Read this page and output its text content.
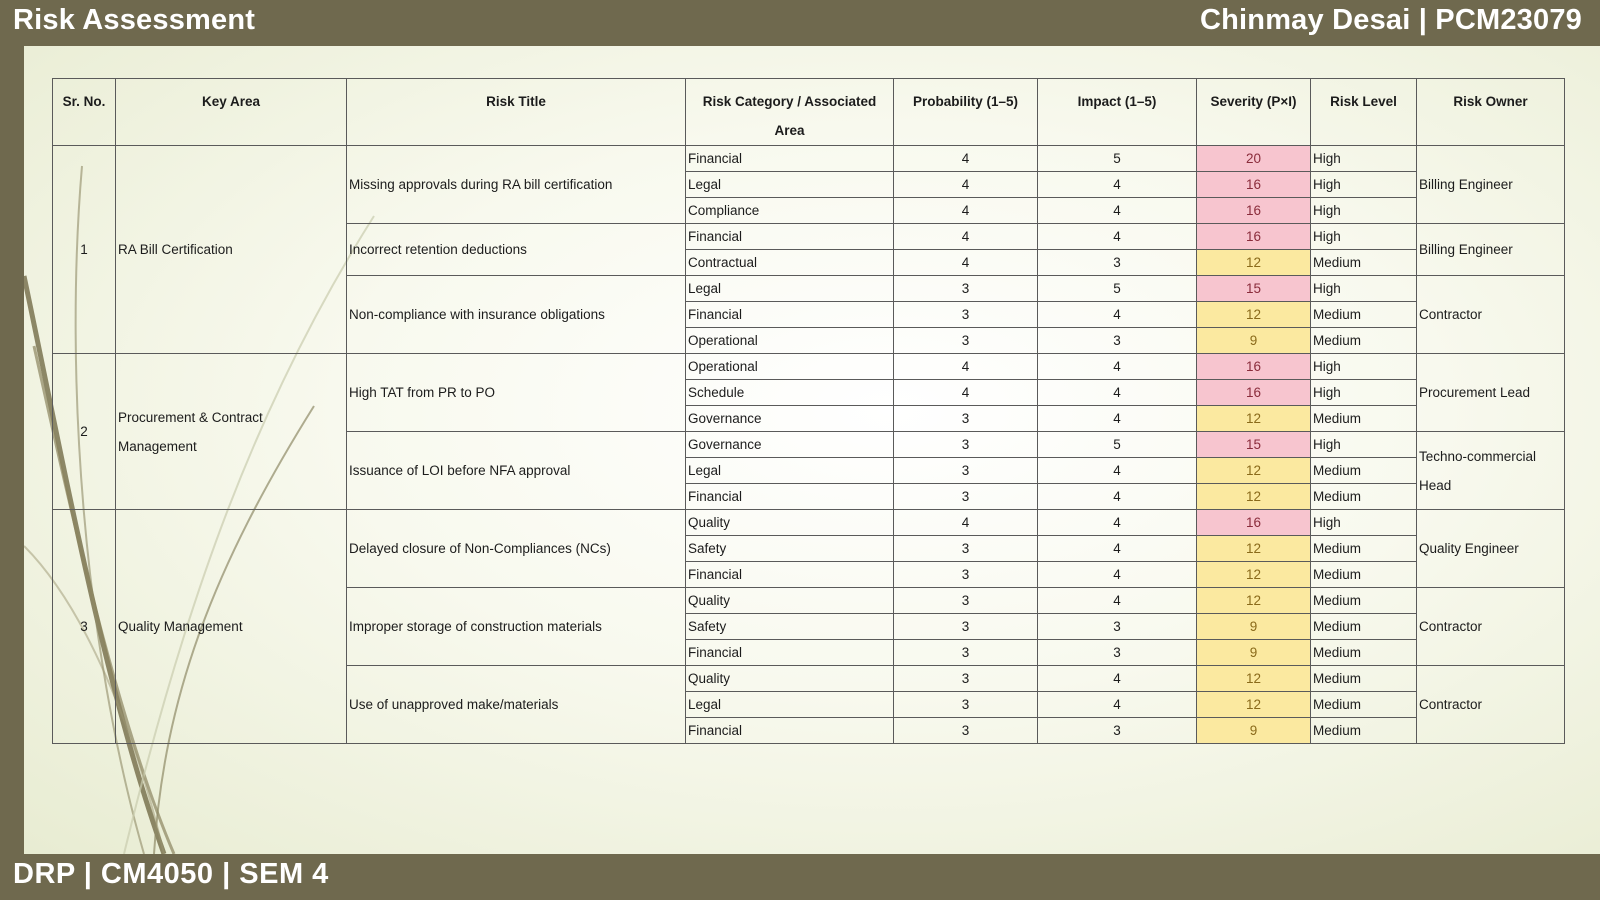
Risk Assessment	Chinmay Desai | PCM23079
Sr. No.	Key Area	Risk Title	Risk Category / Associated Area	Probability (1–5)	Impact (1–5)	Severity (P×I)	Risk Level	Risk Owner
1	RA Bill Certification	Missing approvals during RA bill certification	Financial	4	5	20	High	Billing Engineer
			Legal	4	4	16	High	
			Compliance	4	4	16	High	
		Incorrect retention deductions	Financial	4	4	16	High	Billing Engineer
			Contractual	4	3	12	Medium	
		Non-compliance with insurance obligations	Legal	3	5	15	High	Contractor
			Financial	3	4	12	Medium	
			Operational	3	3	9	Medium	
2	Procurement & Contract Management	High TAT from PR to PO	Operational	4	4	16	High	Procurement Lead
			Schedule	4	4	16	High	
			Governance	3	4	12	Medium	
		Issuance of LOI before NFA approval	Governance	3	5	15	High	Techno-commercial Head
			Legal	3	4	12	Medium	
			Financial	3	4	12	Medium	
3	Quality Management	Delayed closure of Non-Compliances (NCs)	Quality	4	4	16	High	Quality Engineer
			Safety	3	4	12	Medium	
			Financial	3	4	12	Medium	
		Improper storage of construction materials	Quality	3	4	12	Medium	Contractor
			Safety	3	3	9	Medium	
			Financial	3	3	9	Medium	
		Use of unapproved make/materials	Quality	3	4	12	Medium	Contractor
			Legal	3	4	12	Medium	
			Financial	3	3	9	Medium	
DRP | CM4050 | SEM 4
